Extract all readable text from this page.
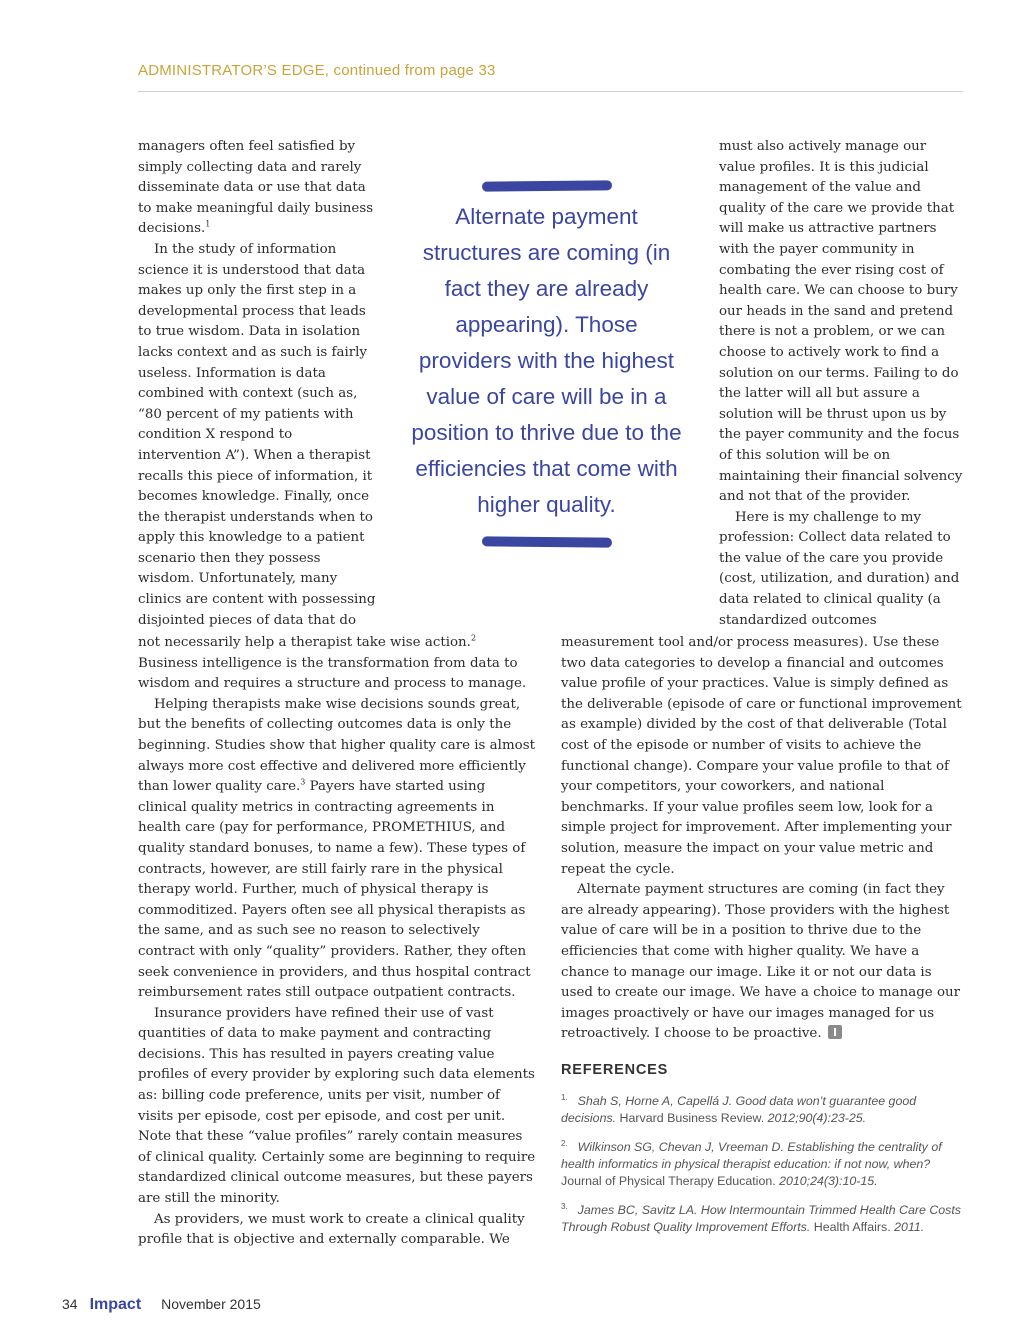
ADMINISTRATOR’S EDGE, continued from page 33

managers often feel satisfied by simply collecting data and rarely disseminate data or use that data to make meaningful daily business decisions.$^1$

In the study of information science it is understood that data makes up only the first step in a developmental process that leads to true wisdom. Data in isolation lacks context and as such is fairly useless. Information is data combined with context (such as, “80 percent of my patients with condition X respond to intervention A”). When a therapist recalls this piece of information, it becomes knowledge. Finally, once the therapist understands when to apply this knowledge to a patient scenario then they possess wisdom. Unfortunately, many clinics are content with possessing disjointed pieces of data that do

Alternate payment structures are coming (in fact they are already appearing). Those providers with the highest value of care will be in a position to thrive due to the efficiencies that come with higher quality.

must also actively manage our value profiles. It is this judicial management of the value and quality of the care we provide that will make us attractive partners with the payer community in combating the ever rising cost of health care. We can choose to bury our heads in the sand and pretend there is not a problem, or we can choose to actively work to find a solution on our terms. Failing to do the latter will all but assure a solution will be thrust upon us by the payer community and the focus of this solution will be on maintaining their financial solvency and not that of the provider.

Here is my challenge to my profession: Collect data related to the value of the care you provide (cost, utilization, and duration) and data related to clinical quality (a standardized outcomes

not necessarily help a therapist take wise action.$^2$ Business intelligence is the transformation from data to wisdom and requires a structure and process to manage.

Helping therapists make wise decisions sounds great, but the benefits of collecting outcomes data is only the beginning. Studies show that higher quality care is almost always more cost effective and delivered more efficiently than lower quality care.$^3$ Payers have started using clinical quality metrics in contracting agreements in health care (pay for performance, PROMETHIUS, and quality standard bonuses, to name a few). These types of contracts, however, are still fairly rare in the physical therapy world. Further, much of physical therapy is commoditized. Payers often see all physical therapists as the same, and as such see no reason to selectively contract with only “quality” providers. Rather, they often seek convenience in providers, and thus hospital contract reimbursement rates still outpace outpatient contracts.

Insurance providers have refined their use of vast quantities of data to make payment and contracting decisions. This has resulted in payers creating value profiles of every provider by exploring such data elements as: billing code preference, units per visit, number of visits per episode, cost per episode, and cost per unit. Note that these “value profiles” rarely contain measures of clinical quality. Certainly some are beginning to require standardized clinical outcome measures, but these payers are still the minority.

As providers, we must work to create a clinical quality profile that is objective and externally comparable. We

measurement tool and/or process measures). Use these two data categories to develop a financial and outcomes value profile of your practices. Value is simply defined as the deliverable (episode of care or functional improvement as example) divided by the cost of that deliverable (Total cost of the episode or number of visits to achieve the functional change). Compare your value profile to that of your competitors, your coworkers, and national benchmarks. If your value profiles seem low, look for a simple project for improvement. After implementing your solution, measure the impact on your value metric and repeat the cycle.

Alternate payment structures are coming (in fact they are already appearing). Those providers with the highest value of care will be in a position to thrive due to the efficiencies that come with higher quality. We have a chance to manage our image. Like it or not our data is used to create our image. We have a choice to manage our images proactively or have our images managed for us retroactively. I choose to be proactive.

REFERENCES

$^{1.}$ Shah S, Horne A, Capellá J. Good data won’t guarantee good decisions. Harvard Business Review. 2012;90(4):23-25.

$^{2.}$ Wilkinson SG, Chevan J, Vreeman D. Establishing the centrality of health informatics in physical therapist education: if not now, when? Journal of Physical Therapy Education. 2010;24(3):10-15.

$^{3.}$ James BC, Savitz LA. How Intermountain Trimmed Health Care Costs Through Robust Quality Improvement Efforts. Health Affairs. 2011.

34 Impact November 2015
